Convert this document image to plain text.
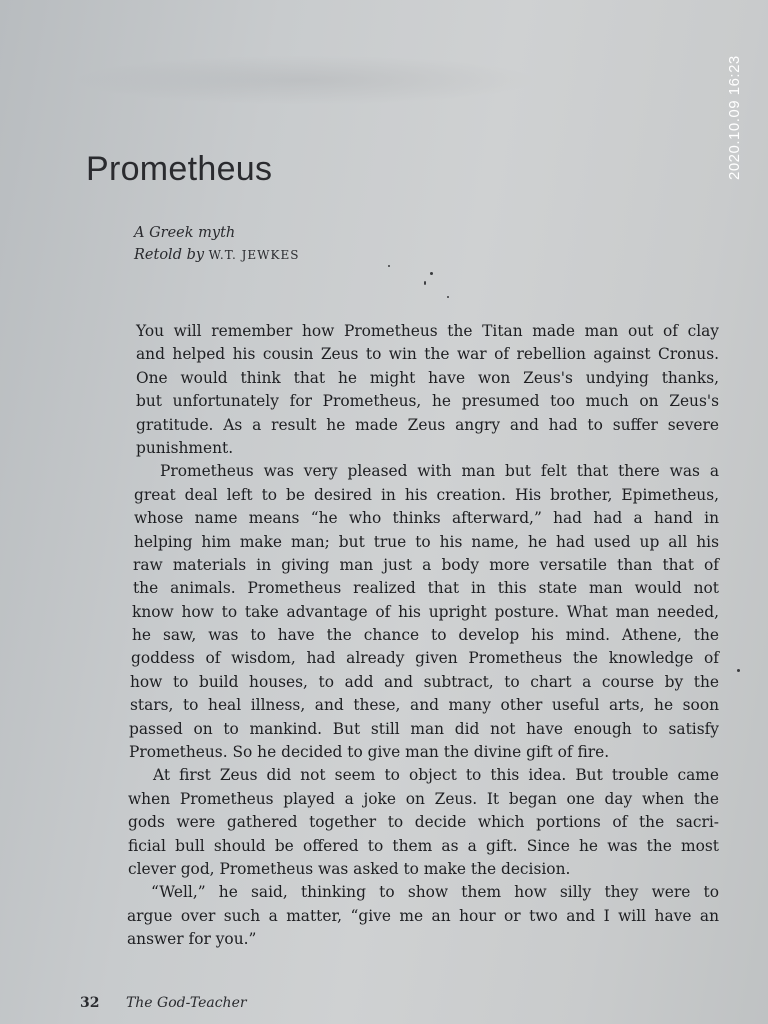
2020.10.09 16:23
Prometheus
A Greek myth
Retold by W.T. JEWKES
You will remember how Prometheus the Titan made man out of clay
and helped his cousin Zeus to win the war of rebellion against Cronus.
One would think that he might have won Zeus's undying thanks,
but unfortunately for Prometheus, he presumed too much on Zeus's
gratitude. As a result he made Zeus angry and had to suffer severe
punishment.
Prometheus was very pleased with man but felt that there was a
great deal left to be desired in his creation. His brother, Epimetheus,
whose name means “he who thinks afterward,” had had a hand in
helping him make man; but true to his name, he had used up all his
raw materials in giving man just a body more versatile than that of
the animals. Prometheus realized that in this state man would not
know how to take advantage of his upright posture. What man needed,
he saw, was to have the chance to develop his mind. Athene, the
goddess of wisdom, had already given Prometheus the knowledge of
how to build houses, to add and subtract, to chart a course by the
stars, to heal illness, and these, and many other useful arts, he soon
passed on to mankind. But still man did not have enough to satisfy
Prometheus. So he decided to give man the divine gift of fire.
At first Zeus did not seem to object to this idea. But trouble came
when Prometheus played a joke on Zeus. It began one day when the
gods were gathered together to decide which portions of the sacri-
ficial bull should be offered to them as a gift. Since he was the most
clever god, Prometheus was asked to make the decision.
“Well,” he said, thinking to show them how silly they were to
argue over such a matter, “give me an hour or two and I will have an
answer for you.”
32 The God-Teacher
